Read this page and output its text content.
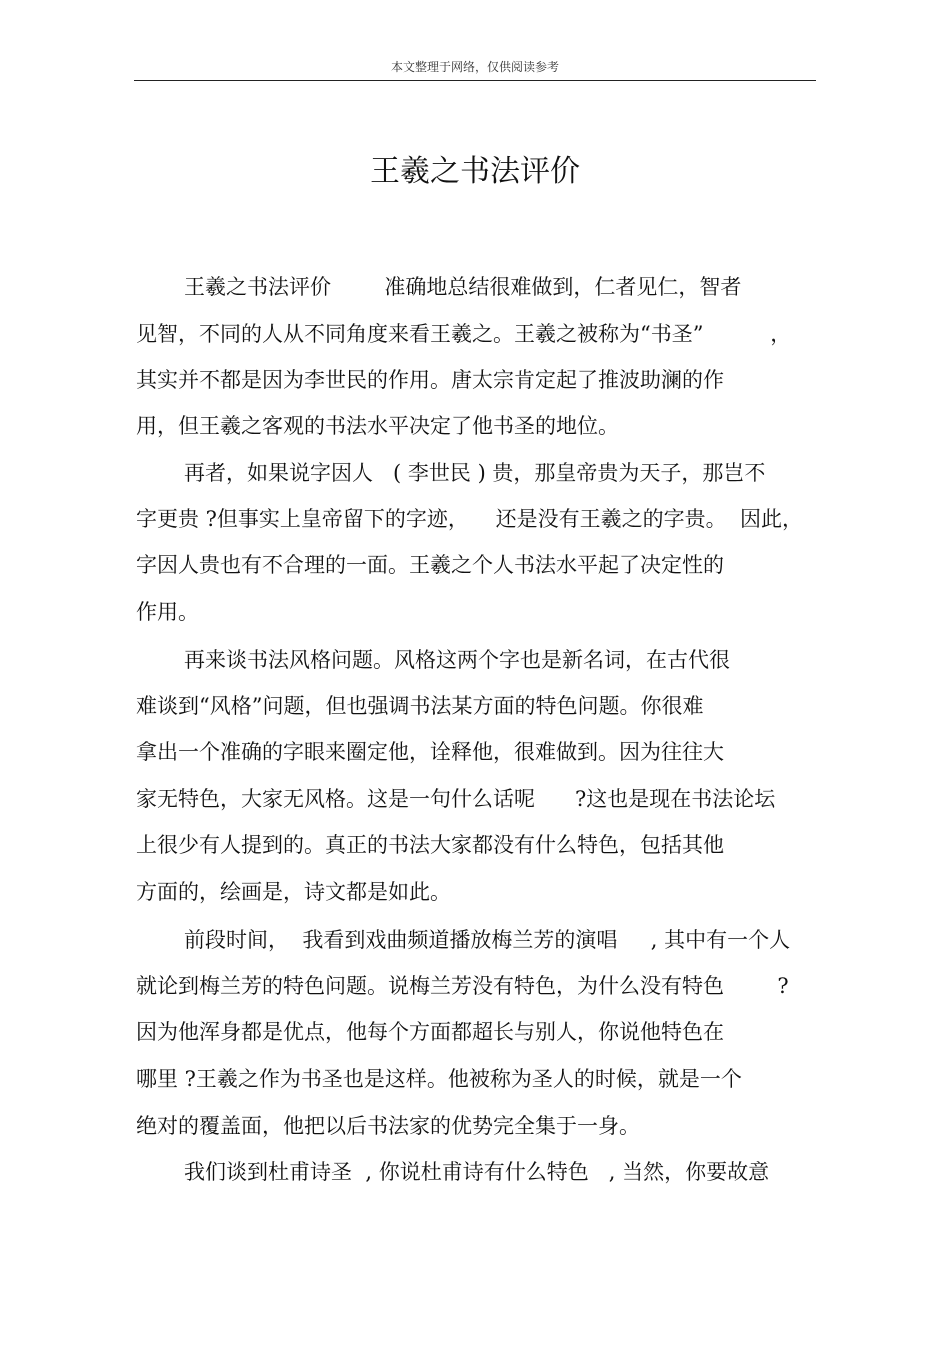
本文整理于网络，仅供阅读参考
王羲之书法评价

王羲之书法评价        准确地总结很难做到，仁者见仁，智者

见智，不同的人从不同角度来看王羲之。王羲之被称为“书圣”          ，

其实并不都是因为李世民的作用。唐太宗肯定起了推波助澜的作

用，但王羲之客观的书法水平决定了他书圣的地位。

再者，如果说字因人   ( 李世民 ) 贵，那皇帝贵为天子，那岂不

字更贵 ?但事实上皇帝留下的字迹，    还是没有王羲之的字贵。  因此，

字因人贵也有不合理的一面。王羲之个人书法水平起了决定性的

作用。

再来谈书法风格问题。风格这两个字也是新名词，在古代很

难谈到“风格”问题，但也强调书法某方面的特色问题。你很难

拿出一个准确的字眼来圈定他，诠释他，很难做到。因为往往大

家无特色，大家无风格。这是一句什么话呢      ?这也是现在书法论坛

上很少有人提到的。真正的书法大家都没有什么特色，包括其他

方面的，绘画是，诗文都是如此。

前段时间，  我看到戏曲频道播放梅兰芳的演唱     , 其中有一个人

就论到梅兰芳的特色问题。说梅兰芳没有特色，为什么没有特色        ?

因为他浑身都是优点，他每个方面都超长与别人，你说他特色在

哪里 ?王羲之作为书圣也是这样。他被称为圣人的时候，就是一个

绝对的覆盖面，他把以后书法家的优势完全集于一身。

我们谈到杜甫诗圣  , 你说杜甫诗有什么特色   , 当然，你要故意
